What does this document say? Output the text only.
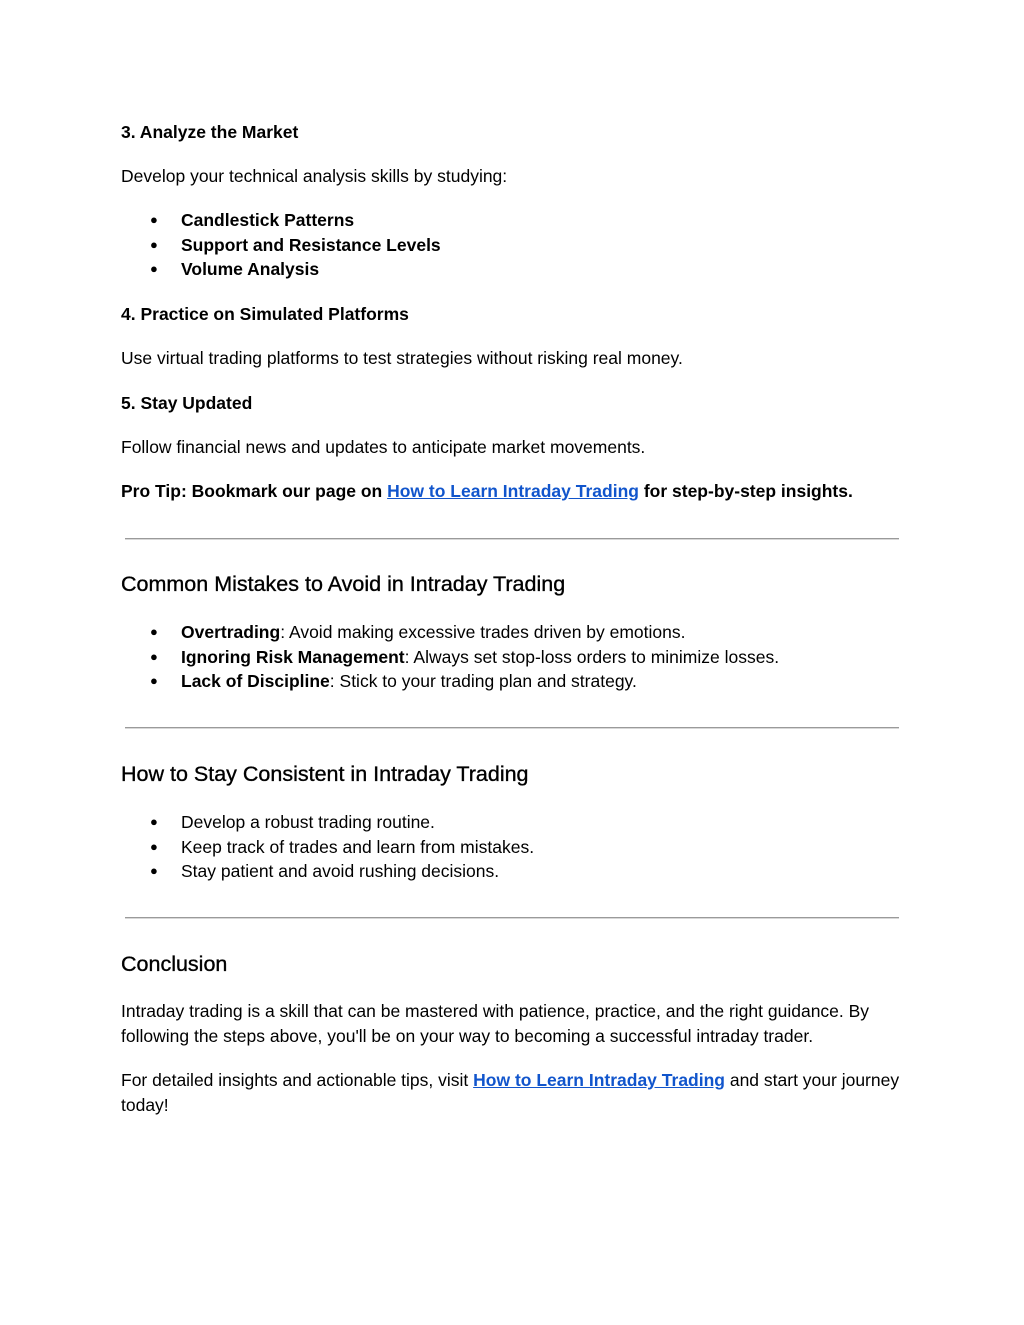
3. Analyze the Market

Develop your technical analysis skills by studying:

● Candlestick Patterns
● Support and Resistance Levels
● Volume Analysis

4. Practice on Simulated Platforms

Use virtual trading platforms to test strategies without risking real money.

5. Stay Updated

Follow financial news and updates to anticipate market movements.

Pro Tip: Bookmark our page on How to Learn Intraday Trading for step-by-step insights.

Common Mistakes to Avoid in Intraday Trading
● Overtrading: Avoid making excessive trades driven by emotions.
● Ignoring Risk Management: Always set stop-loss orders to minimize losses.
● Lack of Discipline: Stick to your trading plan and strategy.
How to Stay Consistent in Intraday Trading
● Develop a robust trading routine.
● Keep track of trades and learn from mistakes.
● Stay patient and avoid rushing decisions.
Conclusion

Intraday trading is a skill that can be mastered with patience, practice, and the right guidance. By following the steps above, you'll be on your way to becoming a successful intraday trader.

For detailed insights and actionable tips, visit How to Learn Intraday Trading and start your journey today!
